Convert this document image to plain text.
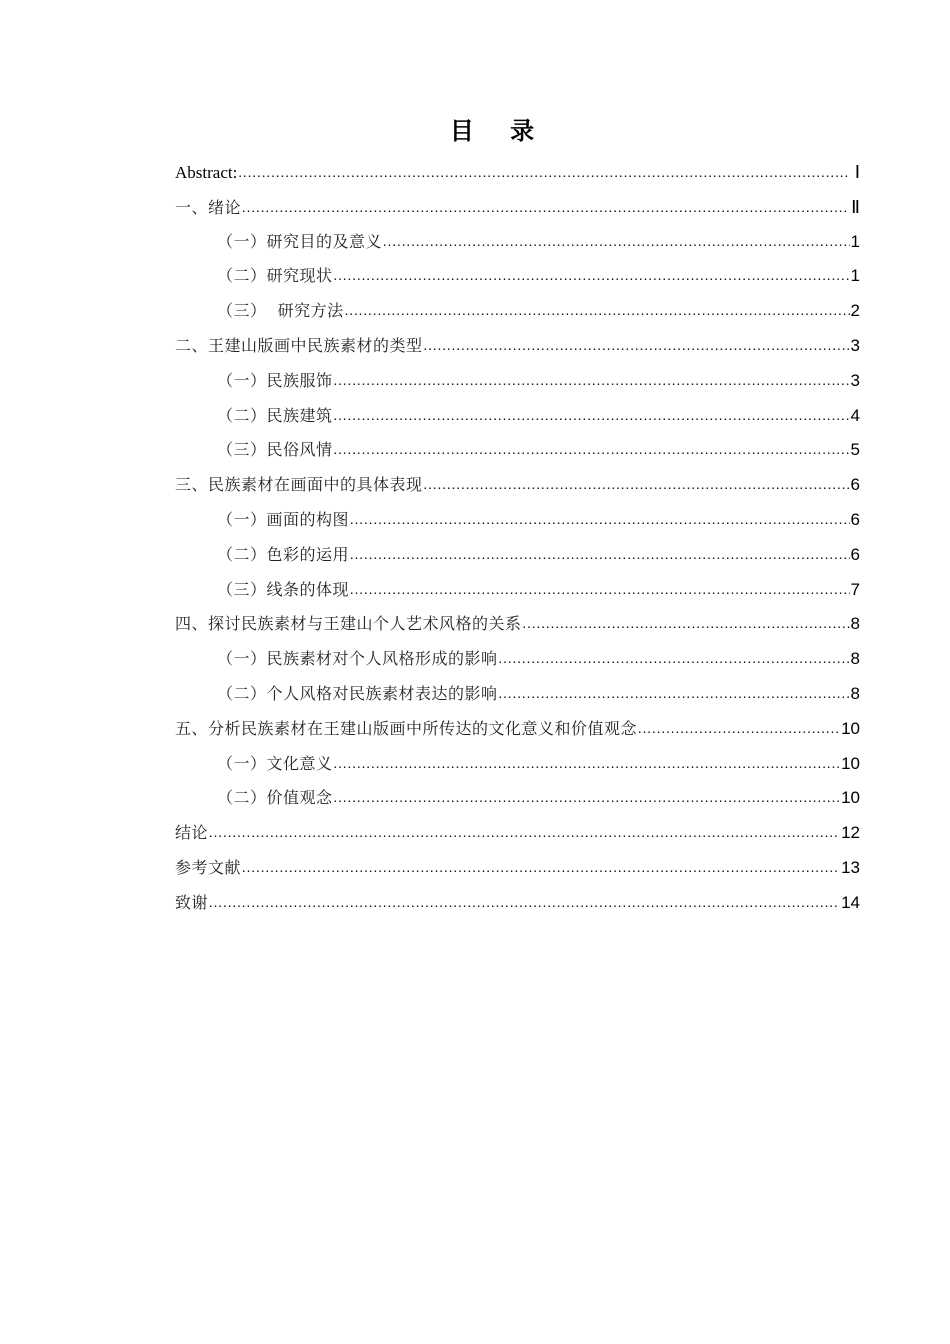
目 录
Abstract: .....	Ⅰ
一、绪论 .....	Ⅱ
（一）研究目的及意义 .....	1
（二）研究现状 .....	1
（三）  研究方法 .....	2
二、王建山版画中民族素材的类型 .....	3
（一）民族服饰 .....	3
（二）民族建筑 .....	4
（三）民俗风情 .....	5
三、民族素材在画面中的具体表现 .....	6
（一）画面的构图 .....	6
（二）色彩的运用 .....	6
（三）线条的体现 .....	7
四、探讨民族素材与王建山个人艺术风格的关系 .....	8
（一）民族素材对个人风格形成的影响 .....	8
（二）个人风格对民族素材表达的影响 .....	8
五、分析民族素材在王建山版画中所传达的文化意义和价值观念 .....	10
（一）文化意义 .....	10
（二）价值观念 .....	10
结论 .....	12
参考文献 .....	13
致谢 .....	14
